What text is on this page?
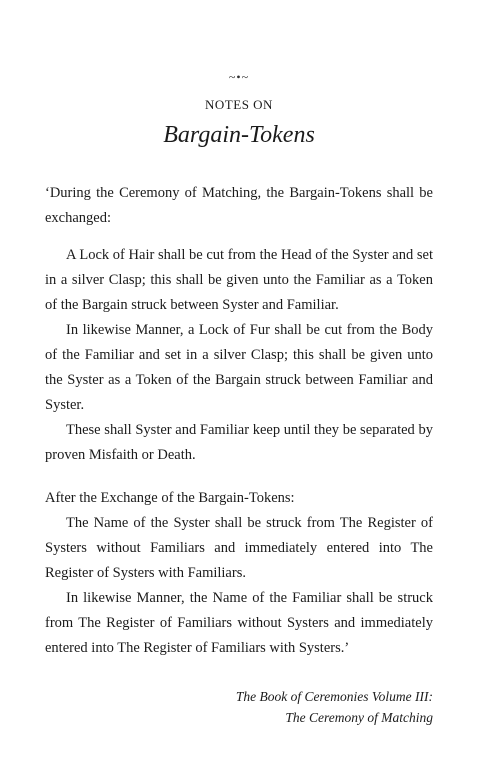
~•~
NOTES ON
Bargain-Tokens

‘During the Ceremony of Matching, the Bargain-Tokens shall be exchanged:

A Lock of Hair shall be cut from the Head of the Syster and set in a silver Clasp; this shall be given unto the Familiar as a Token of the Bargain struck between Syster and Familiar.

In likewise Manner, a Lock of Fur shall be cut from the Body of the Familiar and set in a silver Clasp; this shall be given unto the Syster as a Token of the Bargain struck between Familiar and Syster.

These shall Syster and Familiar keep until they be separated by proven Misfaith or Death.

After the Exchange of the Bargain-Tokens:

The Name of the Syster shall be struck from The Register of Systers without Familiars and immediately entered into The Register of Systers with Familiars.

In likewise Manner, the Name of the Familiar shall be struck from The Register of Familiars without Systers and immediately entered into The Register of Familiars with Systers.’

The Book of Ceremonies Volume III:
The Ceremony of Matching
